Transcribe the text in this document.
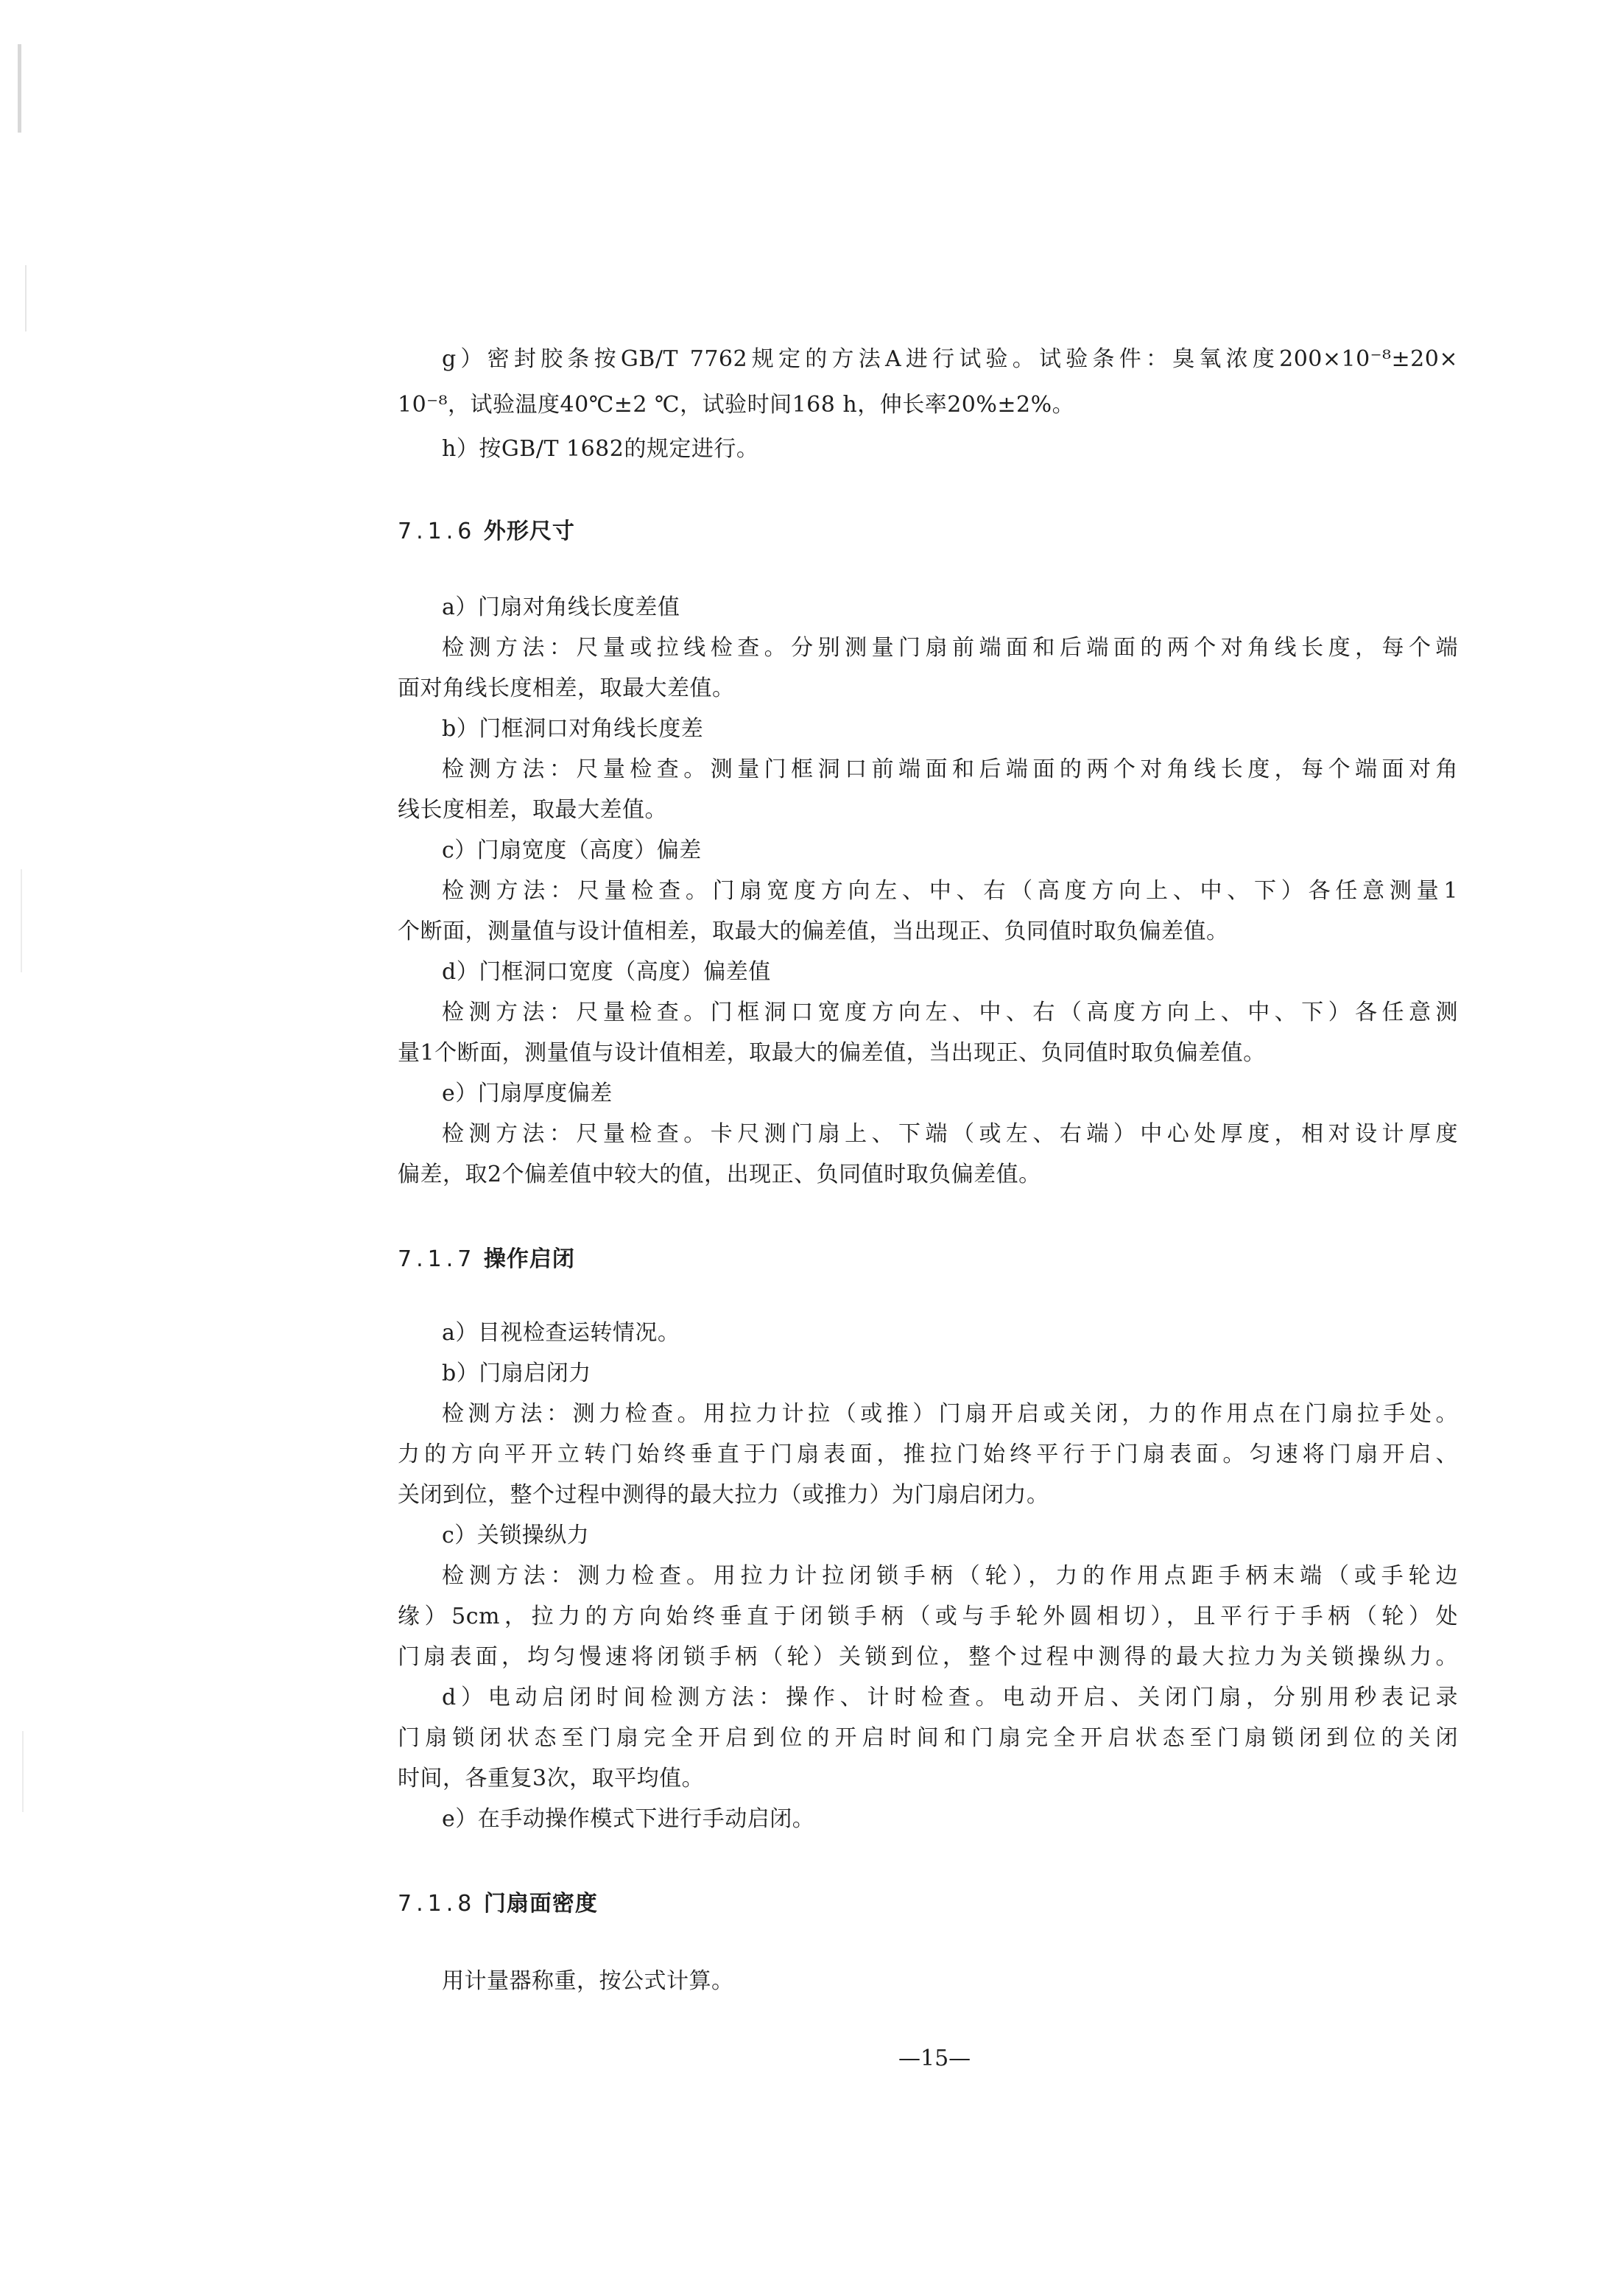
g）密封胶条按GB/T 7762规定的方法A进行试验。试验条件：臭氧浓度200×10⁻⁸±20×
10⁻⁸，试验温度40℃±2 ℃，试验时间168 h，伸长率20%±2%。
h）按GB/T 1682的规定进行。
7.1.6 外形尺寸
a）门扇对角线长度差值
检测方法：尺量或拉线检查。分别测量门扇前端面和后端面的两个对角线长度，每个端
面对角线长度相差，取最大差值。
b）门框洞口对角线长度差
检测方法：尺量检查。测量门框洞口前端面和后端面的两个对角线长度，每个端面对角
线长度相差，取最大差值。
c）门扇宽度（高度）偏差
检测方法：尺量检查。门扇宽度方向左、中、右（高度方向上、中、下）各任意测量1
个断面，测量值与设计值相差，取最大的偏差值，当出现正、负同值时取负偏差值。
d）门框洞口宽度（高度）偏差值
检测方法：尺量检查。门框洞口宽度方向左、中、右（高度方向上、中、下）各任意测
量1个断面，测量值与设计值相差，取最大的偏差值，当出现正、负同值时取负偏差值。
e）门扇厚度偏差
检测方法：尺量检查。卡尺测门扇上、下端（或左、右端）中心处厚度，相对设计厚度
偏差，取2个偏差值中较大的值，出现正、负同值时取负偏差值。
7.1.7 操作启闭
a）目视检查运转情况。
b）门扇启闭力
检测方法：测力检查。用拉力计拉（或推）门扇开启或关闭，力的作用点在门扇拉手处。
力的方向平开立转门始终垂直于门扇表面，推拉门始终平行于门扇表面。匀速将门扇开启、
关闭到位，整个过程中测得的最大拉力（或推力）为门扇启闭力。
c）关锁操纵力
检测方法：测力检查。用拉力计拉闭锁手柄（轮），力的作用点距手柄末端（或手轮边
缘）5cm，拉力的方向始终垂直于闭锁手柄（或与手轮外圆相切），且平行于手柄（轮）处
门扇表面，均匀慢速将闭锁手柄（轮）关锁到位，整个过程中测得的最大拉力为关锁操纵力。
d）电动启闭时间检测方法：操作、计时检查。电动开启、关闭门扇，分别用秒表记录
门扇锁闭状态至门扇完全开启到位的开启时间和门扇完全开启状态至门扇锁闭到位的关闭
时间，各重复3次，取平均值。
e）在手动操作模式下进行手动启闭。
7.1.8 门扇面密度
用计量器称重，按公式计算。
—15—
